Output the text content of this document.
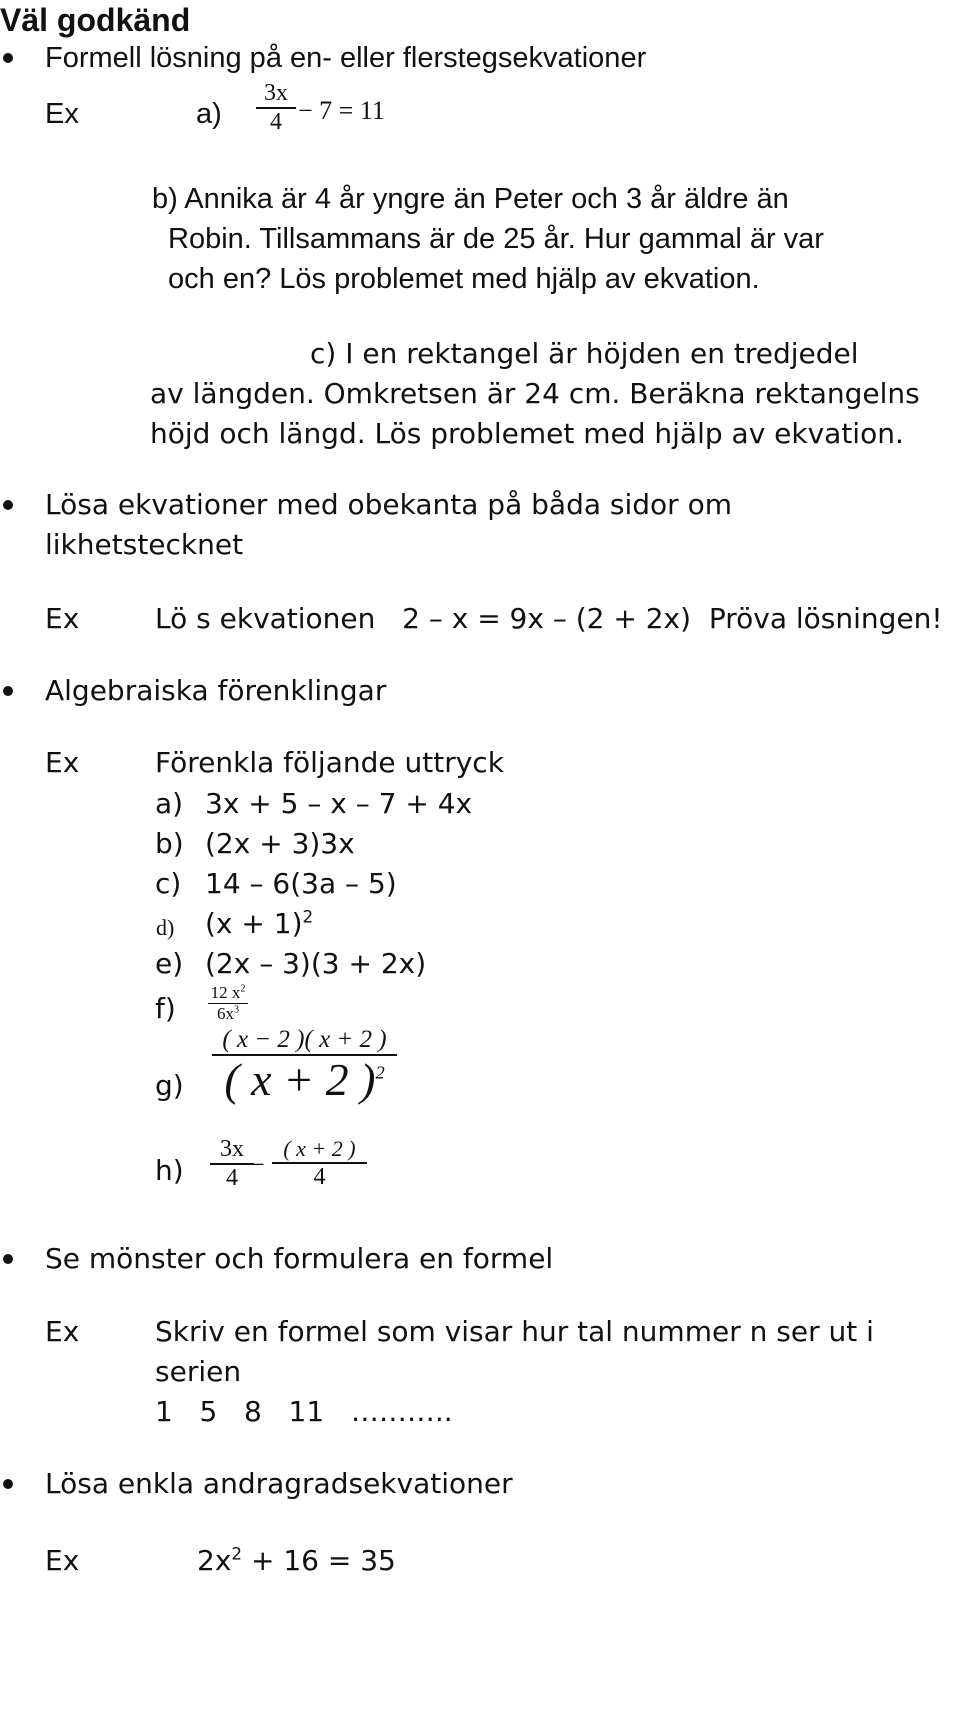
Väl godkänd
Formell lösning på en- eller flerstegsekvationer
Ex	a)
3x
4 − 7 = 11
b) Annika är 4 år yngre än Peter och 3 år äldre än
Robin. Tillsammans är de 25 år. Hur gammal är var
och en? Lös problemet med hjälp av ekvation.
c) I en rektangel är höjden en tredjedel
av längden. Omkretsen är 24 cm. Beräkna rektangelns
höjd och längd. Lös problemet med hjälp av ekvation.
Lösa ekvationer med obekanta på båda sidor om
likhetstecknet
Ex	Lö s ekvationen   2 – x = 9x – (2 + 2x)  Pröva lösningen!
Algebraiska förenklingar
Ex	Förenkla följande uttryck
a) 3x + 5 – x – 7 + 4x
b) (2x + 3)3x
c) 14 – 6(3a – 5)
d) $(x + 1)^2$
e) (2x – 3)(3 + 2x)
f) 12 $x^2$
$6x^3$
g)
( x − 2 )( x + 2 )
( x + 2 )$^2$
h)
3x
4 −
( x + 2 )
4
Se mönster och formulera en formel
Ex	Skriv en formel som visar hur tal nummer n ser ut i
serien
1   5   8   11   ………..
Lösa enkla andragradsekvationer
Ex	$2x^2 + 16 = 35$
